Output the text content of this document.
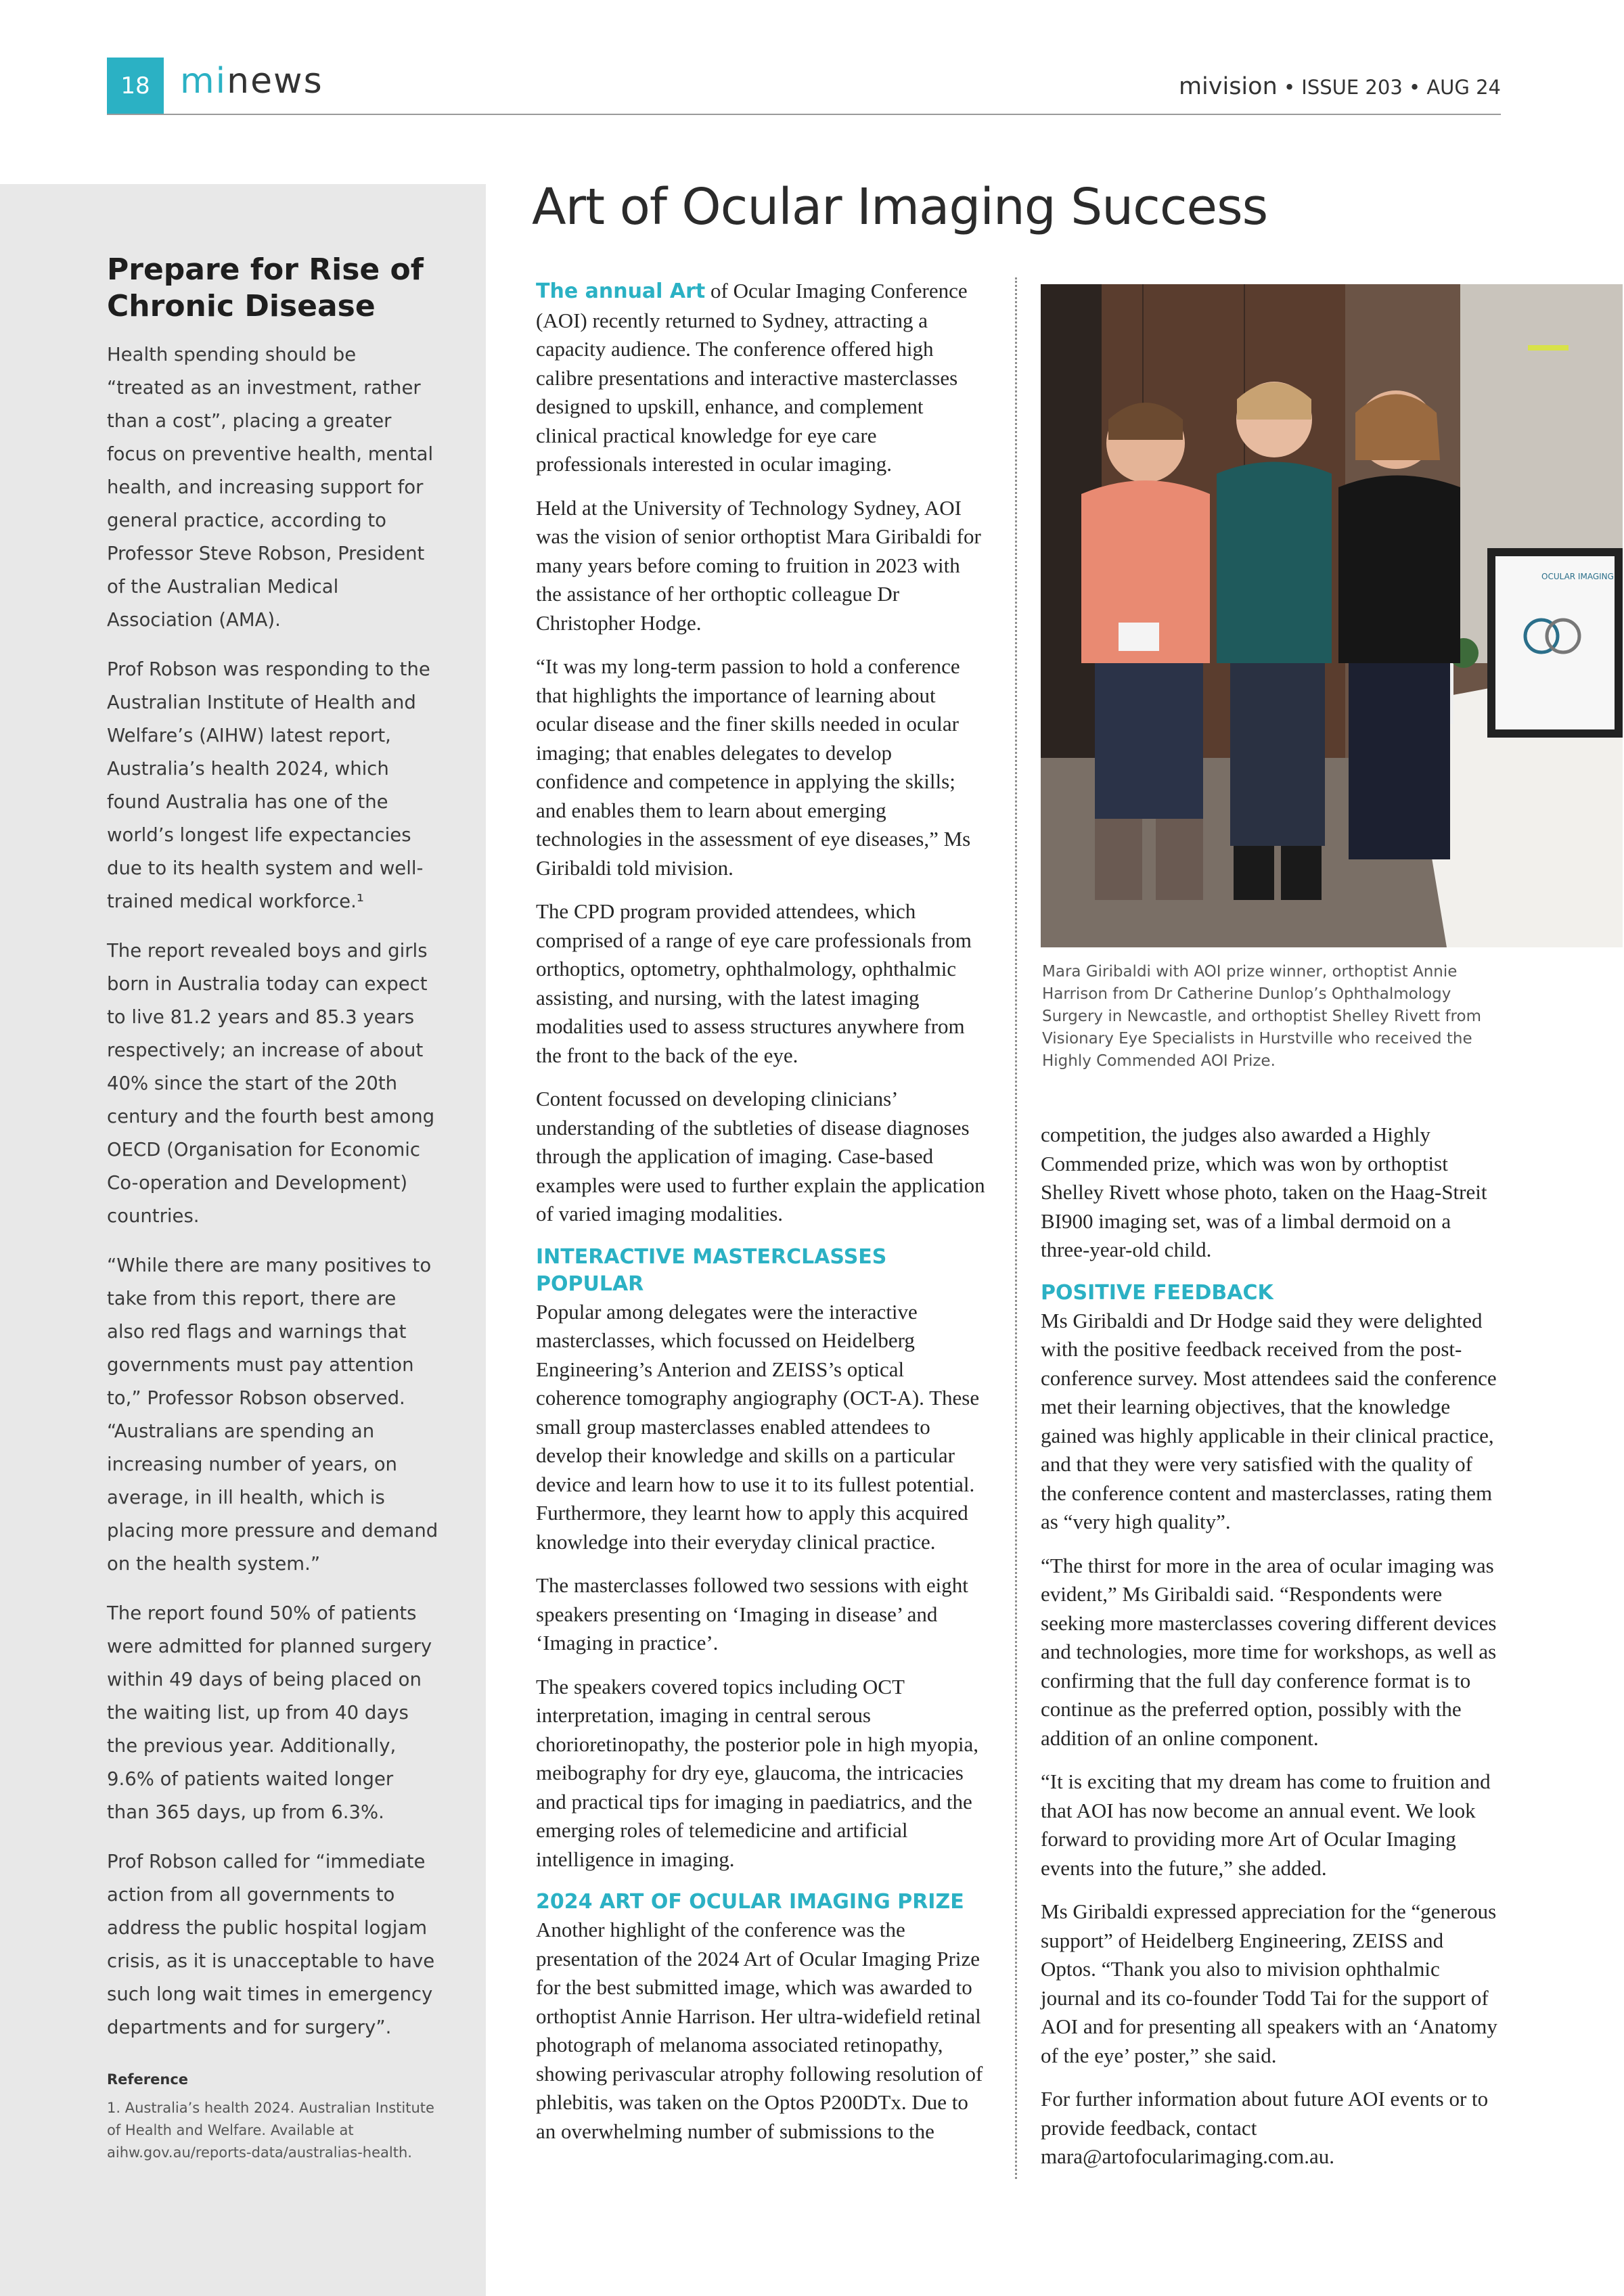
18 minews	mivision • ISSUE 203 • AUG 24
Prepare for Rise of Chronic Disease

Health spending should be “treated as an investment, rather than a cost”, placing a greater focus on preventive health, mental health, and increasing support for general practice, according to Professor Steve Robson, President of the Australian Medical Association (AMA).

Prof Robson was responding to the Australian Institute of Health and Welfare’s (AIHW) latest report, Australia’s health 2024, which found Australia has one of the world’s longest life expectancies due to its health system and well-trained medical workforce.¹

The report revealed boys and girls born in Australia today can expect to live 81.2 years and 85.3 years respectively; an increase of about 40% since the start of the 20th century and the fourth best among OECD (Organisation for Economic Co-operation and Development) countries.

“While there are many positives to take from this report, there are also red flags and warnings that governments must pay attention to,” Professor Robson observed. “Australians are spending an increasing number of years, on average, in ill health, which is placing more pressure and demand on the health system.”

The report found 50% of patients were admitted for planned surgery within 49 days of being placed on the waiting list, up from 40 days the previous year. Additionally, 9.6% of patients waited longer than 365 days, up from 6.3%.

Prof Robson called for “immediate action from all governments to address the public hospital logjam crisis, as it is unacceptable to have such long wait times in emergency departments and for surgery”.

Reference

1. Australia’s health 2024. Australian Institute of Health and Welfare. Available at aihw.gov.au/reports-data/australias-health.

Art of Ocular Imaging Success

The annual Art of Ocular Imaging Conference (AOI) recently returned to Sydney, attracting a capacity audience. The conference offered high calibre presentations and interactive masterclasses designed to upskill, enhance, and complement clinical practical knowledge for eye care professionals interested in ocular imaging.

Held at the University of Technology Sydney, AOI was the vision of senior orthoptist Mara Giribaldi for many years before coming to fruition in 2023 with the assistance of her orthoptic colleague Dr Christopher Hodge.

“It was my long-term passion to hold a conference that highlights the importance of learning about ocular disease and the finer skills needed in ocular imaging; that enables delegates to develop confidence and competence in applying the skills; and enables them to learn about emerging technologies in the assessment of eye diseases,” Ms Giribaldi told mivision.

The CPD program provided attendees, which comprised of a range of eye care professionals from orthoptics, optometry, ophthalmology, ophthalmic assisting, and nursing, with the latest imaging modalities used to assess structures anywhere from the front to the back of the eye.

Content focussed on developing clinicians’ understanding of the subtleties of disease diagnoses through the application of imaging. Case-based examples were used to further explain the application of varied imaging modalities.

INTERACTIVE MASTERCLASSES POPULAR

Popular among delegates were the interactive masterclasses, which focussed on Heidelberg Engineering’s Anterion and ZEISS’s optical coherence tomography angiography (OCT-A). These small group masterclasses enabled attendees to develop their knowledge and skills on a particular device and learn how to use it to its fullest potential. Furthermore, they learnt how to apply this acquired knowledge into their everyday clinical practice.

The masterclasses followed two sessions with eight speakers presenting on ‘Imaging in disease’ and ‘Imaging in practice’.

The speakers covered topics including OCT interpretation, imaging in central serous chorioretinopathy, the posterior pole in high myopia, meibography for dry eye, glaucoma, the intricacies and practical tips for imaging in paediatrics, and the emerging roles of telemedicine and artificial intelligence in imaging.

2024 ART OF OCULAR IMAGING PRIZE

Another highlight of the conference was the presentation of the 2024 Art of Ocular Imaging Prize for the best submitted image, which was awarded to orthoptist Annie Harrison. Her ultra-widefield retinal photograph of melanoma associated retinopathy, showing perivascular atrophy following resolution of phlebitis, was taken on the Optos P200DTx. Due to an overwhelming number of submissions to the

OCULAR IMAGING
Mara Giribaldi with AOI prize winner, orthoptist Annie Harrison from Dr Catherine Dunlop’s Ophthalmology Surgery in Newcastle, and orthoptist Shelley Rivett from Visionary Eye Specialists in Hurstville who received the Highly Commended AOI Prize.

competition, the judges also awarded a Highly Commended prize, which was won by orthoptist Shelley Rivett whose photo, taken on the Haag-Streit BI900 imaging set, was of a limbal dermoid on a three-year-old child.

POSITIVE FEEDBACK

Ms Giribaldi and Dr Hodge said they were delighted with the positive feedback received from the post-conference survey. Most attendees said the conference met their learning objectives, that the knowledge gained was highly applicable in their clinical practice, and that they were very satisfied with the quality of the conference content and masterclasses, rating them as “very high quality”.

“The thirst for more in the area of ocular imaging was evident,” Ms Giribaldi said. “Respondents were seeking more masterclasses covering different devices and technologies, more time for workshops, as well as confirming that the full day conference format is to continue as the preferred option, possibly with the addition of an online component.

“It is exciting that my dream has come to fruition and that AOI has now become an annual event. We look forward to providing more Art of Ocular Imaging events into the future,” she added.

Ms Giribaldi expressed appreciation for the “generous support” of Heidelberg Engineering, ZEISS and Optos. “Thank you also to mivision ophthalmic journal and its co-founder Todd Tai for the support of AOI and for presenting all speakers with an ‘Anatomy of the eye’ poster,” she said.

For further information about future AOI events or to provide feedback, contact mara@artofocularimaging.com.au.
